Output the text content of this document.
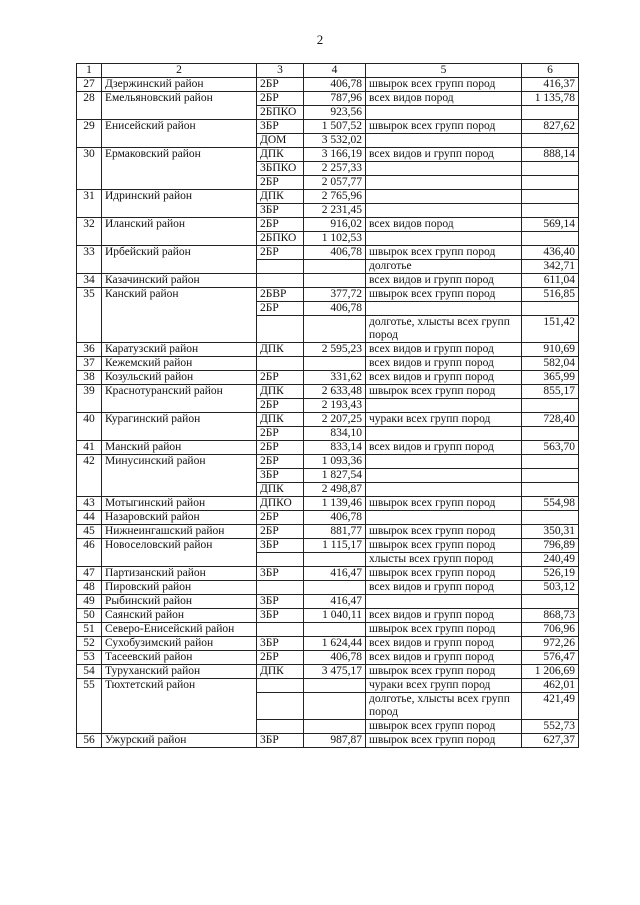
2
1	2	3	4	5	6
27	Дзержинский район	2БР	406,78	швырок всех групп пород	416,37
28	Емельяновский район	2БР	787,96	всех видов пород	1 135,78
		2БПКО	923,56		
29	Енисейский район	3БР	1 507,52	швырок всех групп пород	827,62
		ДОМ	3 532,02		
30	Ермаковский район	ДПК	3 166,19	всех видов и групп пород	888,14
		3БПКО	2 257,33		
		2БР	2 057,77		
31	Идринский район	ДПК	2 765,96		
		3БР	2 231,45		
32	Иланский район	2БР	916,02	всех видов пород	569,14
		2БПКО	1 102,53		
33	Ирбейский район	2БР	406,78	швырок всех групп пород	436,40
				долготье	342,71
34	Казачинский район			всех видов и групп пород	611,04
35	Канский район	2БВР	377,72	швырок всех групп пород	516,85
		2БР	406,78		
				долготье, хлысты всех групп пород	151,42
36	Каратузский район	ДПК	2 595,23	всех видов и групп пород	910,69
37	Кежемский район			всех видов и групп пород	582,04
38	Козульский район	2БР	331,62	всех видов и групп пород	365,99
39	Краснотуранский район	ДПК	2 633,48	швырок всех групп пород	855,17
		2БР	2 193,43		
40	Курагинский район	ДПК	2 207,25	чураки всех групп пород	728,40
		2БР	834,10		
41	Манский район	2БР	833,14	всех видов и групп пород	563,70
42	Минусинский район	2БР	1 093,36		
		3БР	1 827,54		
		ДПК	2 498,87		
43	Мотыгинский район	ДПКО	1 139,46	швырок всех групп пород	554,98
44	Назаровский район	2БР	406,78		
45	Нижнеингашский район	2БР	881,77	швырок всех групп пород	350,31
46	Новоселовский район	3БР	1 115,17	швырок всех групп пород	796,89
				хлысты всех групп пород	240,49
47	Партизанский район	3БР	416,47	швырок всех групп пород	526,19
48	Пировский район			всех видов и групп пород	503,12
49	Рыбинский район	3БР	416,47		
50	Саянский район	3БР	1 040,11	всех видов и групп пород	868,73
51	Северо-Енисейский район			швырок всех групп пород	706,96
52	Сухобузимский район	3БР	1 624,44	всех видов и групп пород	972,26
53	Тасеевский район	2БР	406,78	всех видов и групп пород	576,47
54	Туруханский район	ДПК	3 475,17	швырок всех групп пород	1 206,69
55	Тюхтетский район			чураки всех групп пород	462,01
				долготье, хлысты всех групп пород	421,49
				швырок всех групп пород	552,73
56	Ужурский район	3БР	987,87	швырок всех групп пород	627,37
